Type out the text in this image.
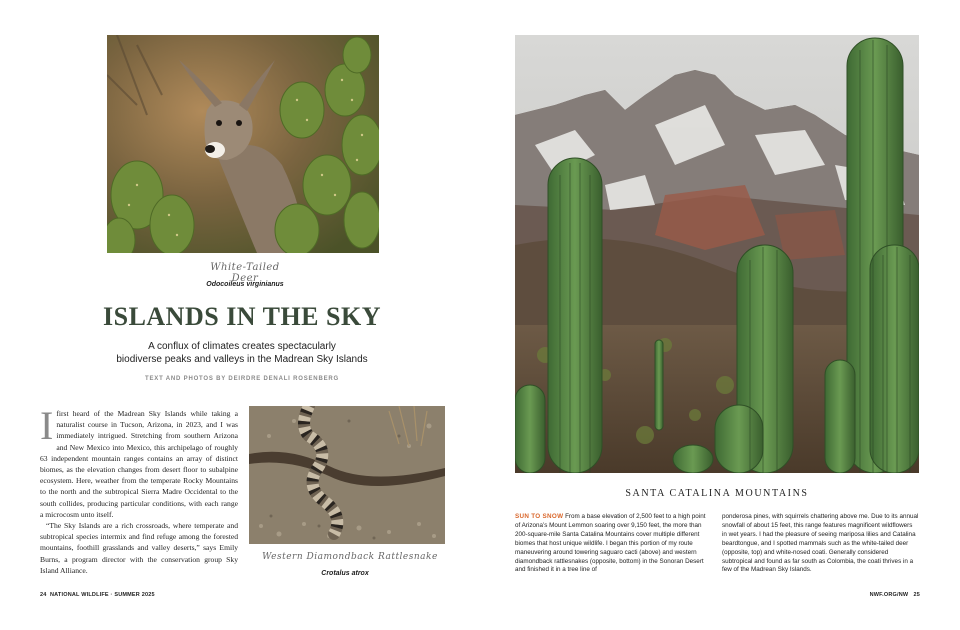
White-Tailed Deer
Odocoileus virginianus
ISLANDS IN THE SKY
A conflux of climates creates spectacularly
biodiverse peaks and valleys in the Madrean Sky Islands
TEXT AND PHOTOS BY DEIRDRE DENALI ROSENBERG

Ifirst heard of the Madrean Sky Islands while taking a naturalist course in Tucson, Arizona, in 2023, and I was immediately intrigued. Stretching from southern Arizona and New Mexico into Mexico, this archipelago of roughly 63 independent mountain ranges contains an array of distinct biomes, as the elevation changes from desert floor to subalpine ecosystem. Here, weather from the temperate Rocky Mountains to the north and the subtropical Sierra Madre Occidental to the south collides, producing particular conditions, with each range a microcosm unto itself.

“The Sky Islands are a rich crossroads, where temperate and subtropical species intermix and find refuge among the forested mountains, foothill grasslands and valley deserts,” says Emily Burns, a program director with the conservation group Sky Island Alliance.

Western Diamondback Rattlesnake
Crotalus atrox
24 NATIONAL WILDLIFE · SUMMER 2025
SANTA CATALINA MOUNTAINS

SUN TO SNOW From a base elevation of 2,500 feet to a high point of Arizona’s Mount Lemmon soaring over 9,150 feet, the more than 200-square-mile Santa Catalina Mountains cover multiple different biomes that host unique wildlife. I began this portion of my route maneuvering around towering saguaro cacti (above) and western diamondback rattlesnakes (opposite, bottom) in the Sonoran Desert and finished it in a tree line of

ponderosa pines, with squirrels chattering above me. Due to its annual snowfall of about 15 feet, this range features magnificent wildflowers in wet years. I had the pleasure of seeing mariposa lilies and Catalina beardtongue, and I spotted mammals such as the white-tailed deer (opposite, top) and white-nosed coati. Generally considered subtropical and found as far south as Colombia, the coati thrives in a few of the Madrean Sky Islands.

NWF.ORG/NW 25
